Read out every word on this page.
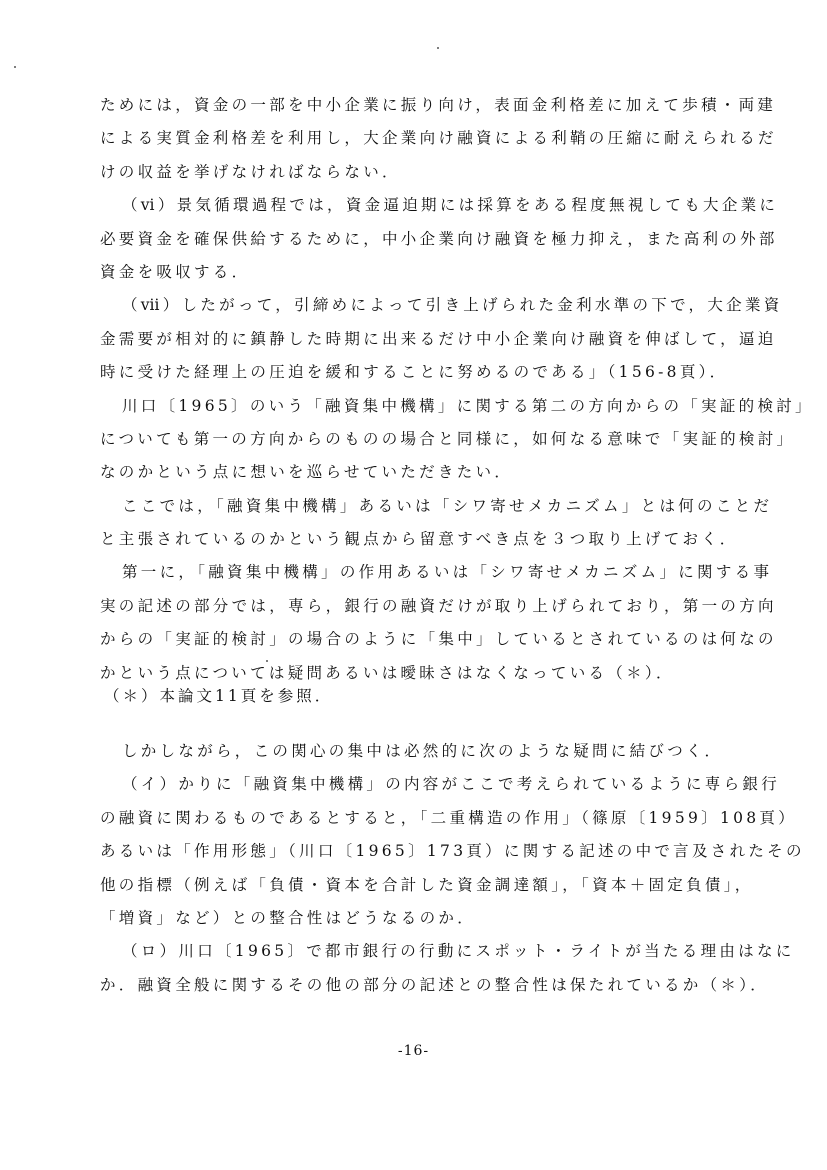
ためには，資金の一部を中小企業に振り向け，表面金利格差に加えて歩積・両建
による実質金利格差を利用し，大企業向け融資による利鞘の圧縮に耐えられるだ
けの収益を挙げなければならない．
（ⅵ）景気循環過程では，資金逼迫期には採算をある程度無視しても大企業に
必要資金を確保供給するために，中小企業向け融資を極力抑え，また高利の外部
資金を吸収する．
（ⅶ）したがって，引締めによって引き上げられた金利水準の下で，大企業資
金需要が相対的に鎮静した時期に出来るだけ中小企業向け融資を伸ばして，逼迫
時に受けた経理上の圧迫を緩和することに努めるのである」（156-8頁）．
川口〔1965〕のいう「融資集中機構」に関する第二の方向からの「実証的検討」
についても第一の方向からのものの場合と同様に，如何なる意味で「実証的検討」
なのかという点に想いを巡らせていただきたい．
ここでは，「融資集中機構」あるいは「シワ寄せメカニズム」とは何のことだ
と主張されているのかという観点から留意すべき点を３つ取り上げておく．
第一に，「融資集中機構」の作用あるいは「シワ寄せメカニズム」に関する事
実の記述の部分では，専ら，銀行の融資だけが取り上げられており，第一の方向
からの「実証的検討」の場合のように「集中」しているとされているのは何なの
かという点については疑問あるいは曖昧さはなくなっている（＊）．
（＊）本論文11頁を参照．
しかしながら，この関心の集中は必然的に次のような疑問に結びつく．
（イ）かりに「融資集中機構」の内容がここで考えられているように専ら銀行
の融資に関わるものであるとすると，「二重構造の作用」（篠原〔1959〕108頁）
あるいは「作用形態」（川口〔1965〕173頁）に関する記述の中で言及されたその
他の指標（例えば「負債・資本を合計した資金調達額」，「資本＋固定負債」，
「増資」など）との整合性はどうなるのか．
（ロ）川口〔1965〕で都市銀行の行動にスポット・ライトが当たる理由はなに
か．融資全般に関するその他の部分の記述との整合性は保たれているか（＊）．
-16-
